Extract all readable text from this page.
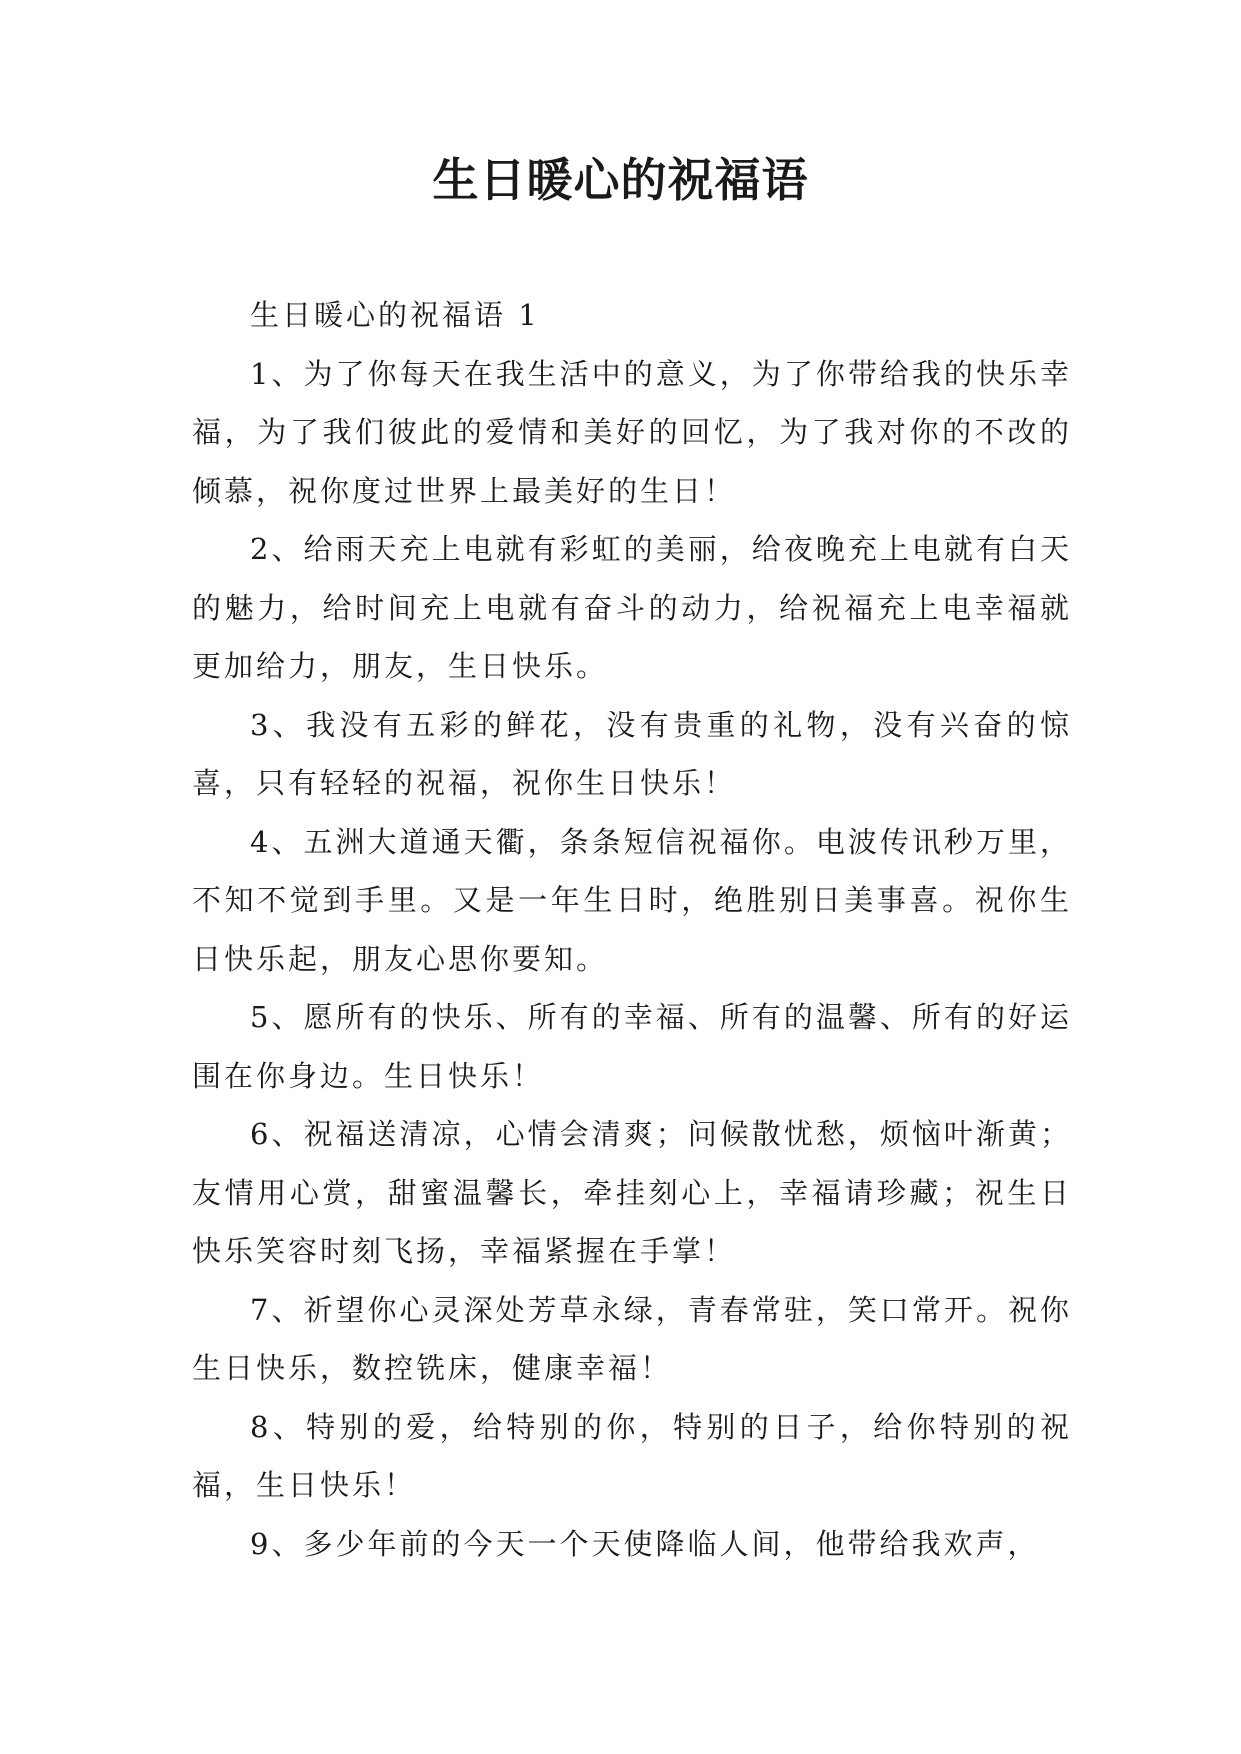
生日暖心的祝福语

生日暖心的祝福语 1

1、为了你每天在我生活中的意义，为了你带给我的快乐幸福，为了我们彼此的爱情和美好的回忆，为了我对你的不改的倾慕，祝你度过世界上最美好的生日！

2、给雨天充上电就有彩虹的美丽，给夜晚充上电就有白天的魅力，给时间充上电就有奋斗的动力，给祝福充上电幸福就更加给力，朋友，生日快乐。

3、我没有五彩的鲜花，没有贵重的礼物，没有兴奋的惊喜，只有轻轻的祝福，祝你生日快乐！

4、五洲大道通天衢，条条短信祝福你。电波传讯秒万里，不知不觉到手里。又是一年生日时，绝胜别日美事喜。祝你生日快乐起，朋友心思你要知。

5、愿所有的快乐、所有的幸福、所有的温馨、所有的好运围在你身边。生日快乐！

6、祝福送清凉，心情会清爽；问候散忧愁，烦恼叶渐黄；友情用心赏，甜蜜温馨长，牵挂刻心上，幸福请珍藏；祝生日快乐笑容时刻飞扬，幸福紧握在手掌！

7、祈望你心灵深处芳草永绿，青春常驻，笑口常开。祝你生日快乐，数控铣床，健康幸福！

8、特别的爱，给特别的你，特别的日子，给你特别的祝福，生日快乐！

9、多少年前的今天一个天使降临人间，他带给我欢声，
